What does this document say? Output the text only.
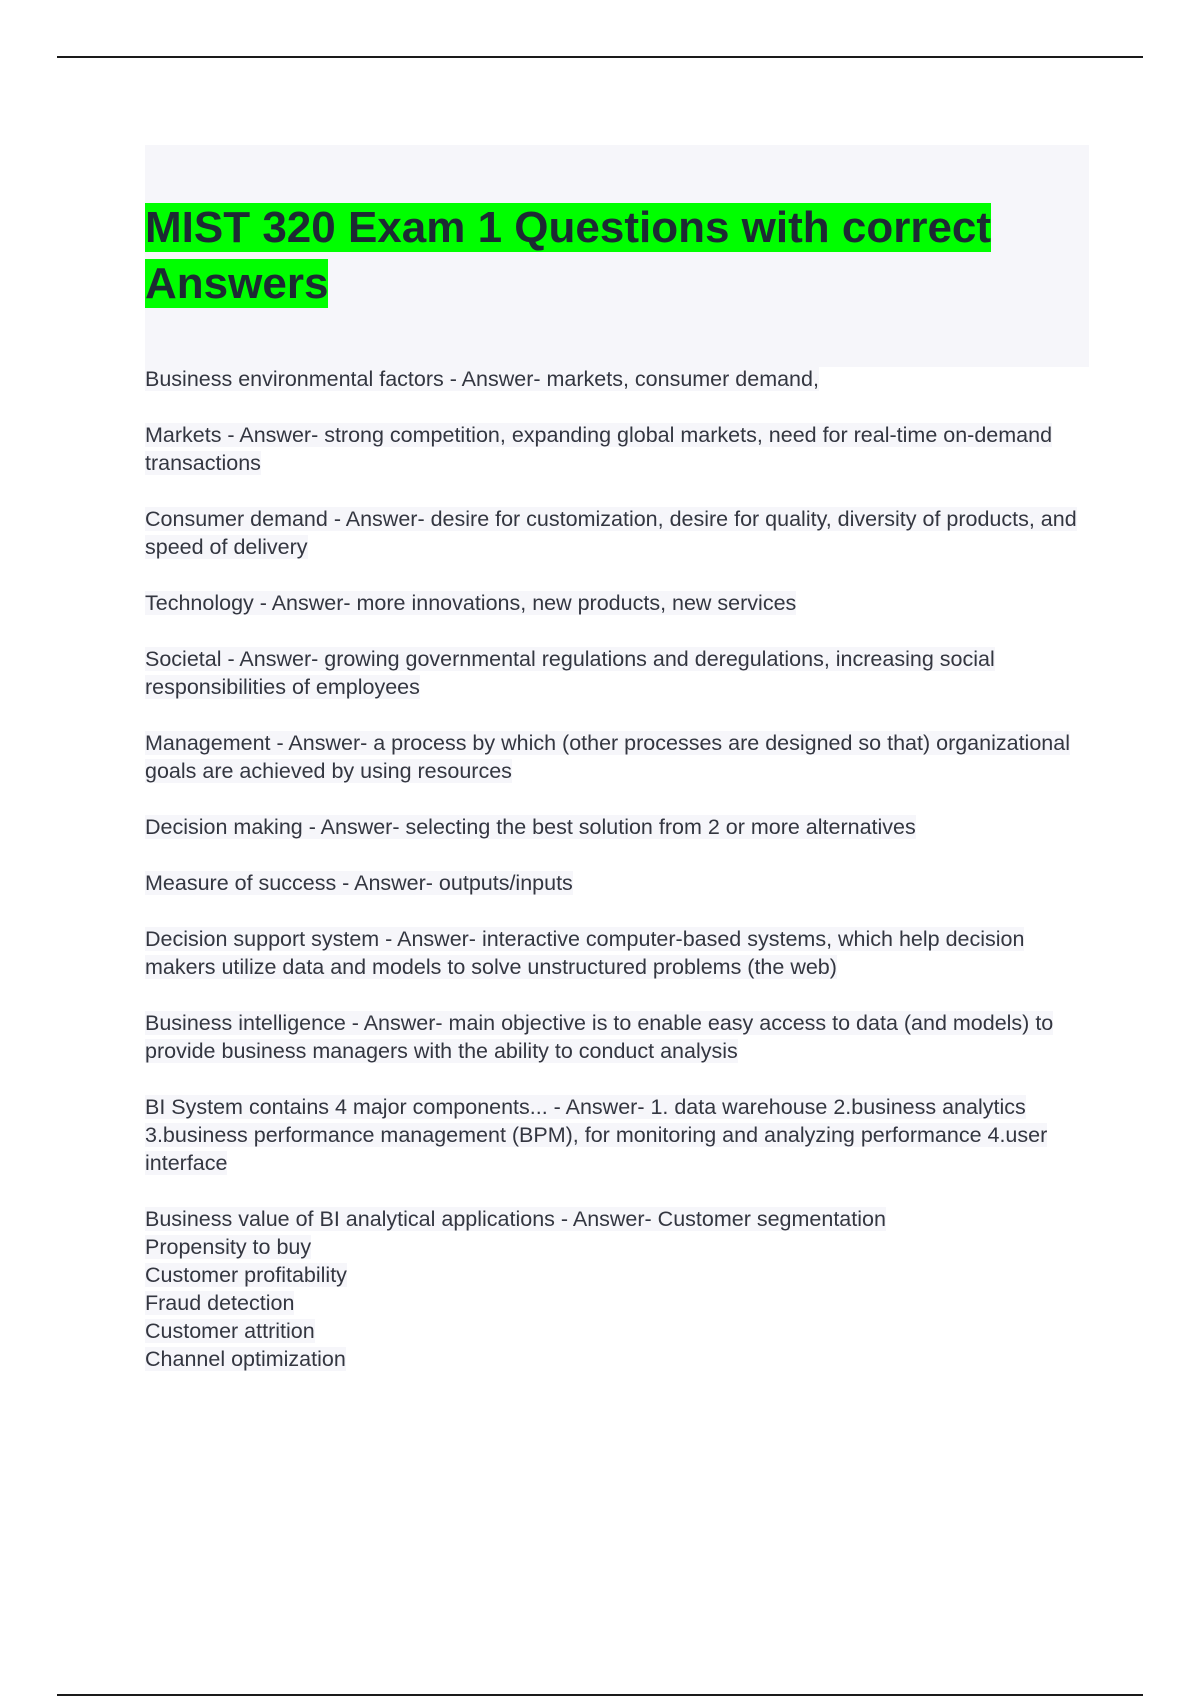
MIST 320 Exam 1 Questions with correct Answers

Business environmental factors - Answer- markets, consumer demand,

Markets - Answer- strong competition, expanding global markets, need for real-time on-demand transactions

Consumer demand - Answer- desire for customization, desire for quality, diversity of products, and speed of delivery

Technology - Answer- more innovations, new products, new services

Societal - Answer- growing governmental regulations and deregulations, increasing social responsibilities of employees

Management - Answer- a process by which (other processes are designed so that) organizational goals are achieved by using resources

Decision making - Answer- selecting the best solution from 2 or more alternatives

Measure of success - Answer- outputs/inputs

Decision support system - Answer- interactive computer-based systems, which help decision makers utilize data and models to solve unstructured problems (the web)

Business intelligence - Answer- main objective is to enable easy access to data (and models) to provide business managers with the ability to conduct analysis

BI System contains 4 major components... - Answer- 1. data warehouse 2.business analytics 3.business performance management (BPM), for monitoring and analyzing performance 4.user interface

Business value of BI analytical applications - Answer- Customer segmentation
Propensity to buy
Customer profitability
Fraud detection
Customer attrition
Channel optimization
